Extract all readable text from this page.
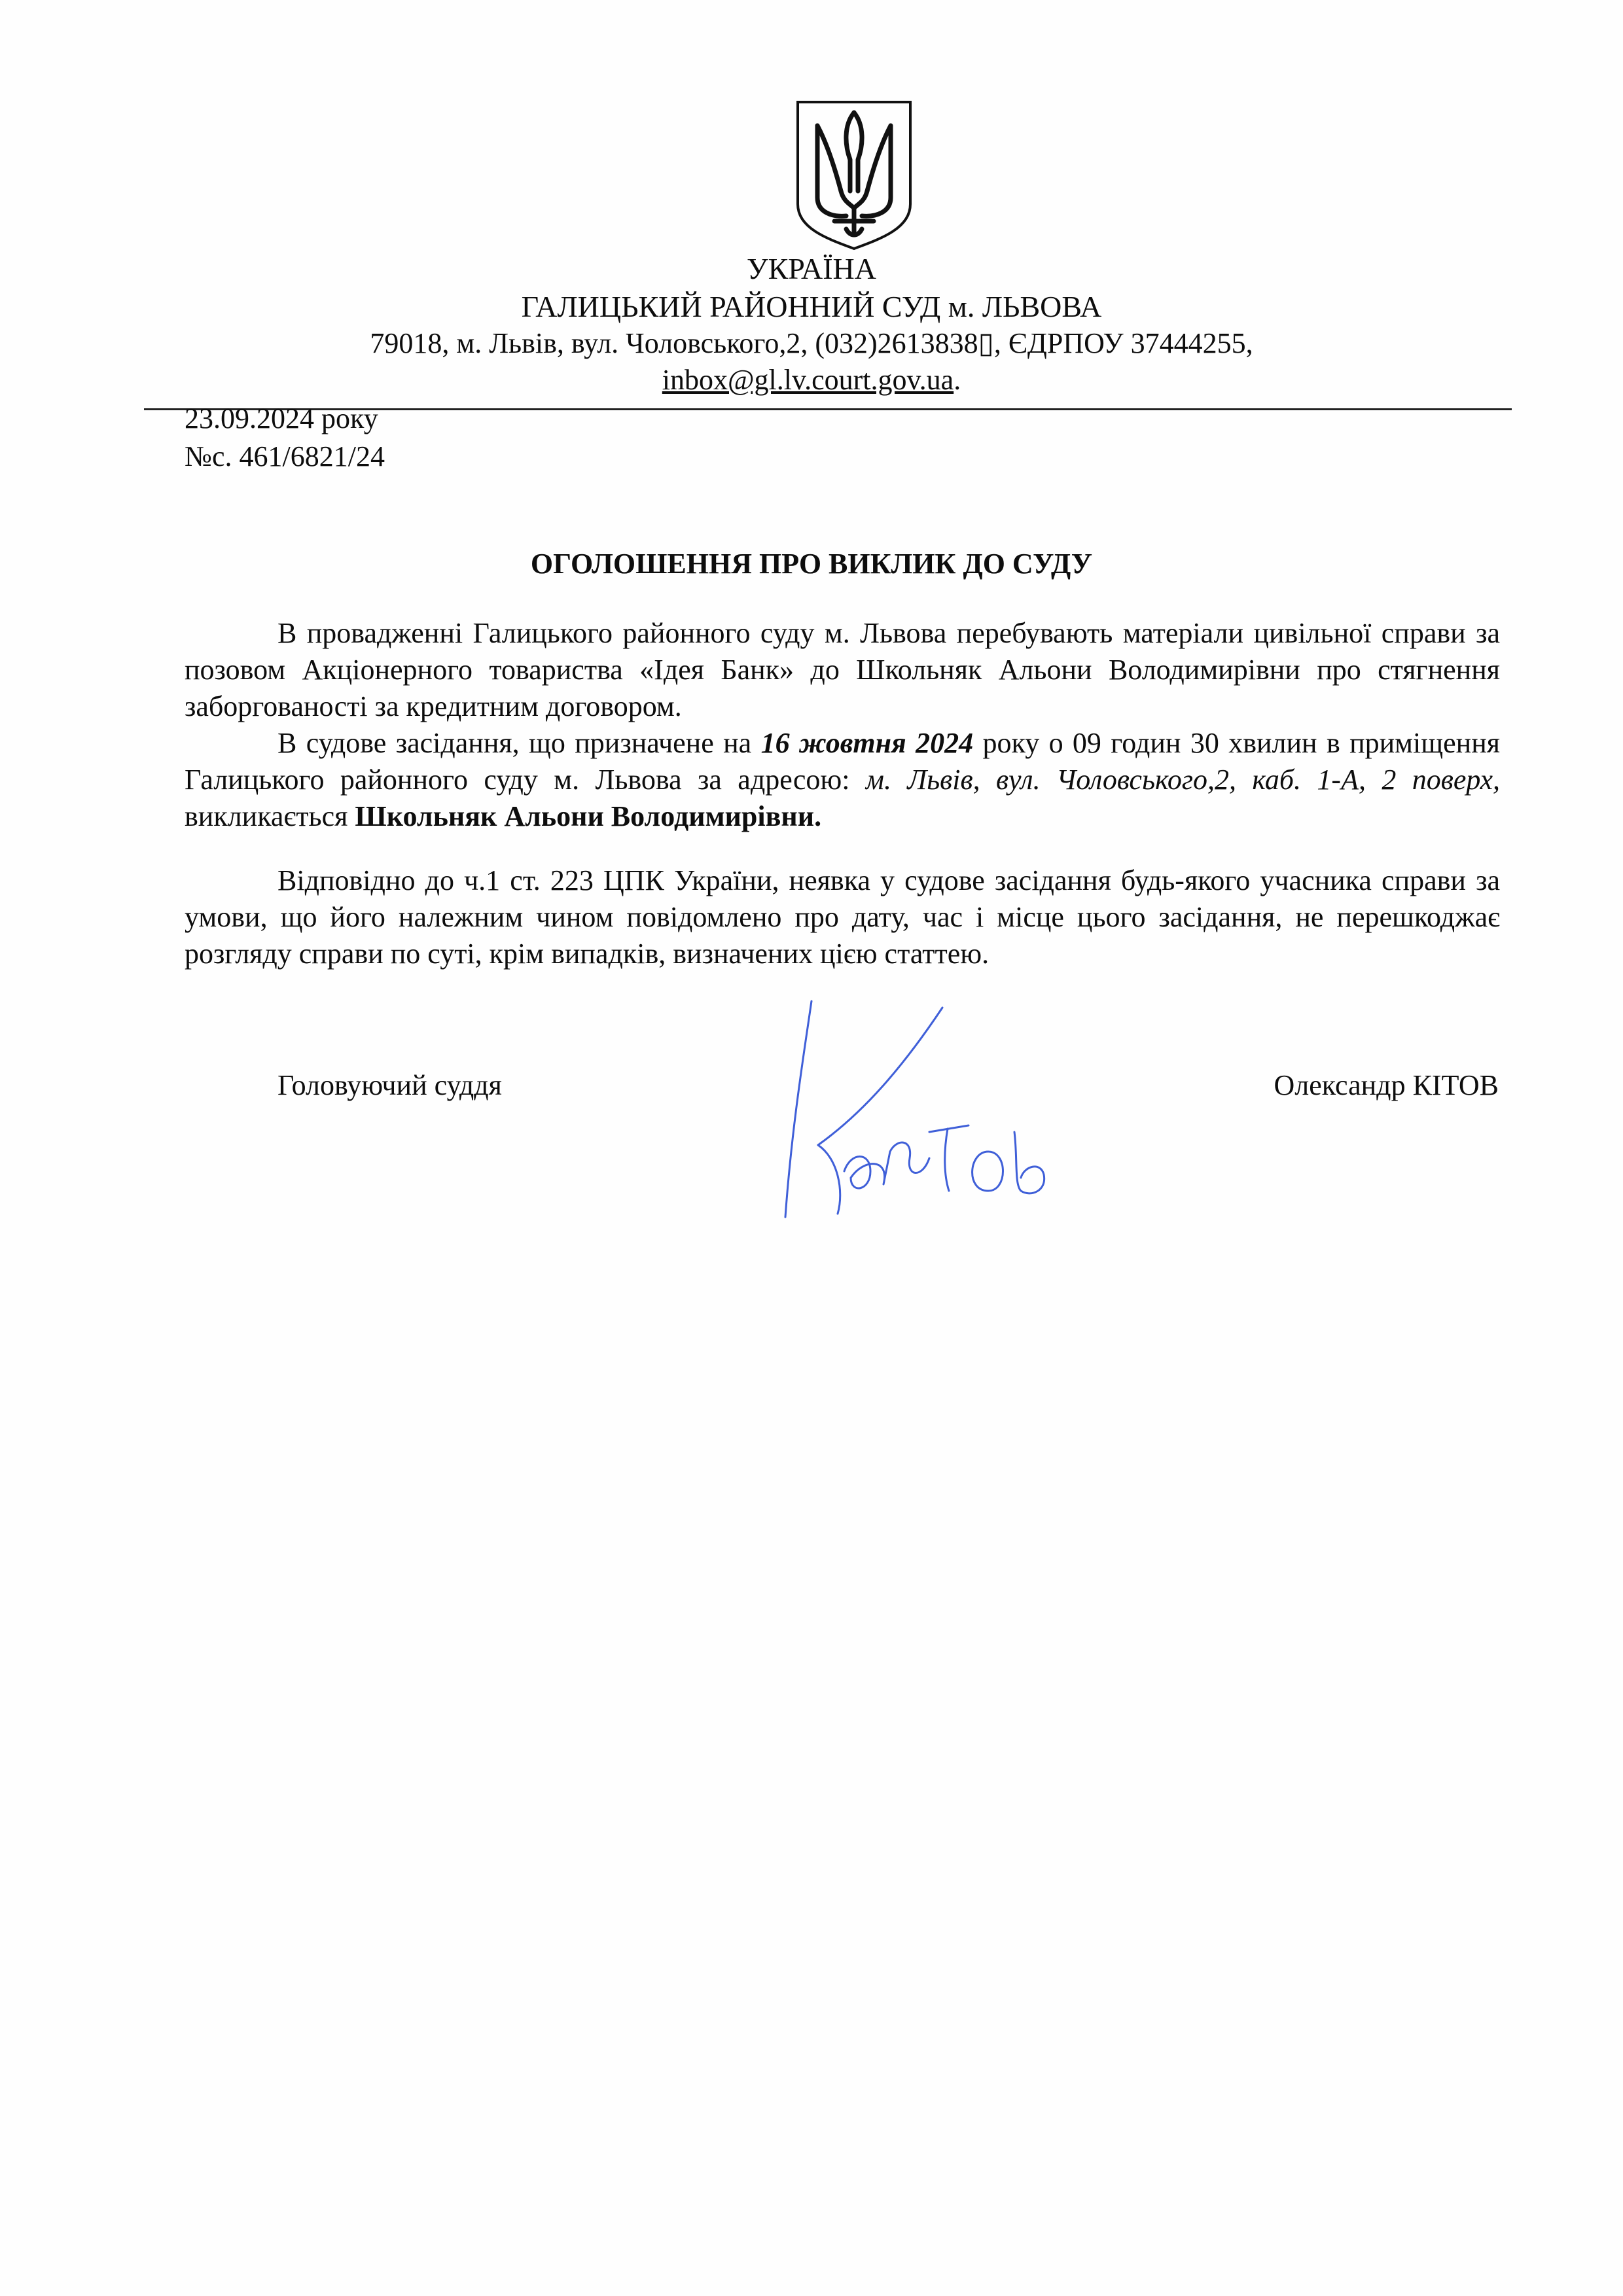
УКРАЇНА
ГАЛИЦЬКИЙ РАЙОННИЙ СУД м. ЛЬВОВА
79018, м. Львів, вул. Чоловського,2, (032)2613838▯, ЄДРПОУ 37444255,
inbox@gl.lv.court.gov.ua.
23.09.2024 року
№с. 461/6821/24
ОГОЛОШЕННЯ ПРО ВИКЛИК ДО СУДУ

В провадженні Галицького районного суду м. Львова перебувають матеріали цивільної справи за позовом Акціонерного товариства «Ідея Банк» до Школьняк Альони Володимирівни про стягнення заборгованості за кредитним договором.

В судове засідання, що призначене на 16 жовтня 2024 року о 09 годин 30 хвилин в приміщення Галицького районного суду м. Львова за адресою: м. Львів, вул. Чоловського,2, каб. 1-А, 2 поверх, викликається Школьняк Альони Володимирівни.

Відповідно до ч.1 ст. 223 ЦПК України, неявка у судове засідання будь-якого учасника справи за умови, що його належним чином повідомлено про дату, час і місце цього засідання, не перешкоджає розгляду справи по суті, крім випадків, визначених цією статтею.

Головуючий суддя	Олександр КІТОВ
